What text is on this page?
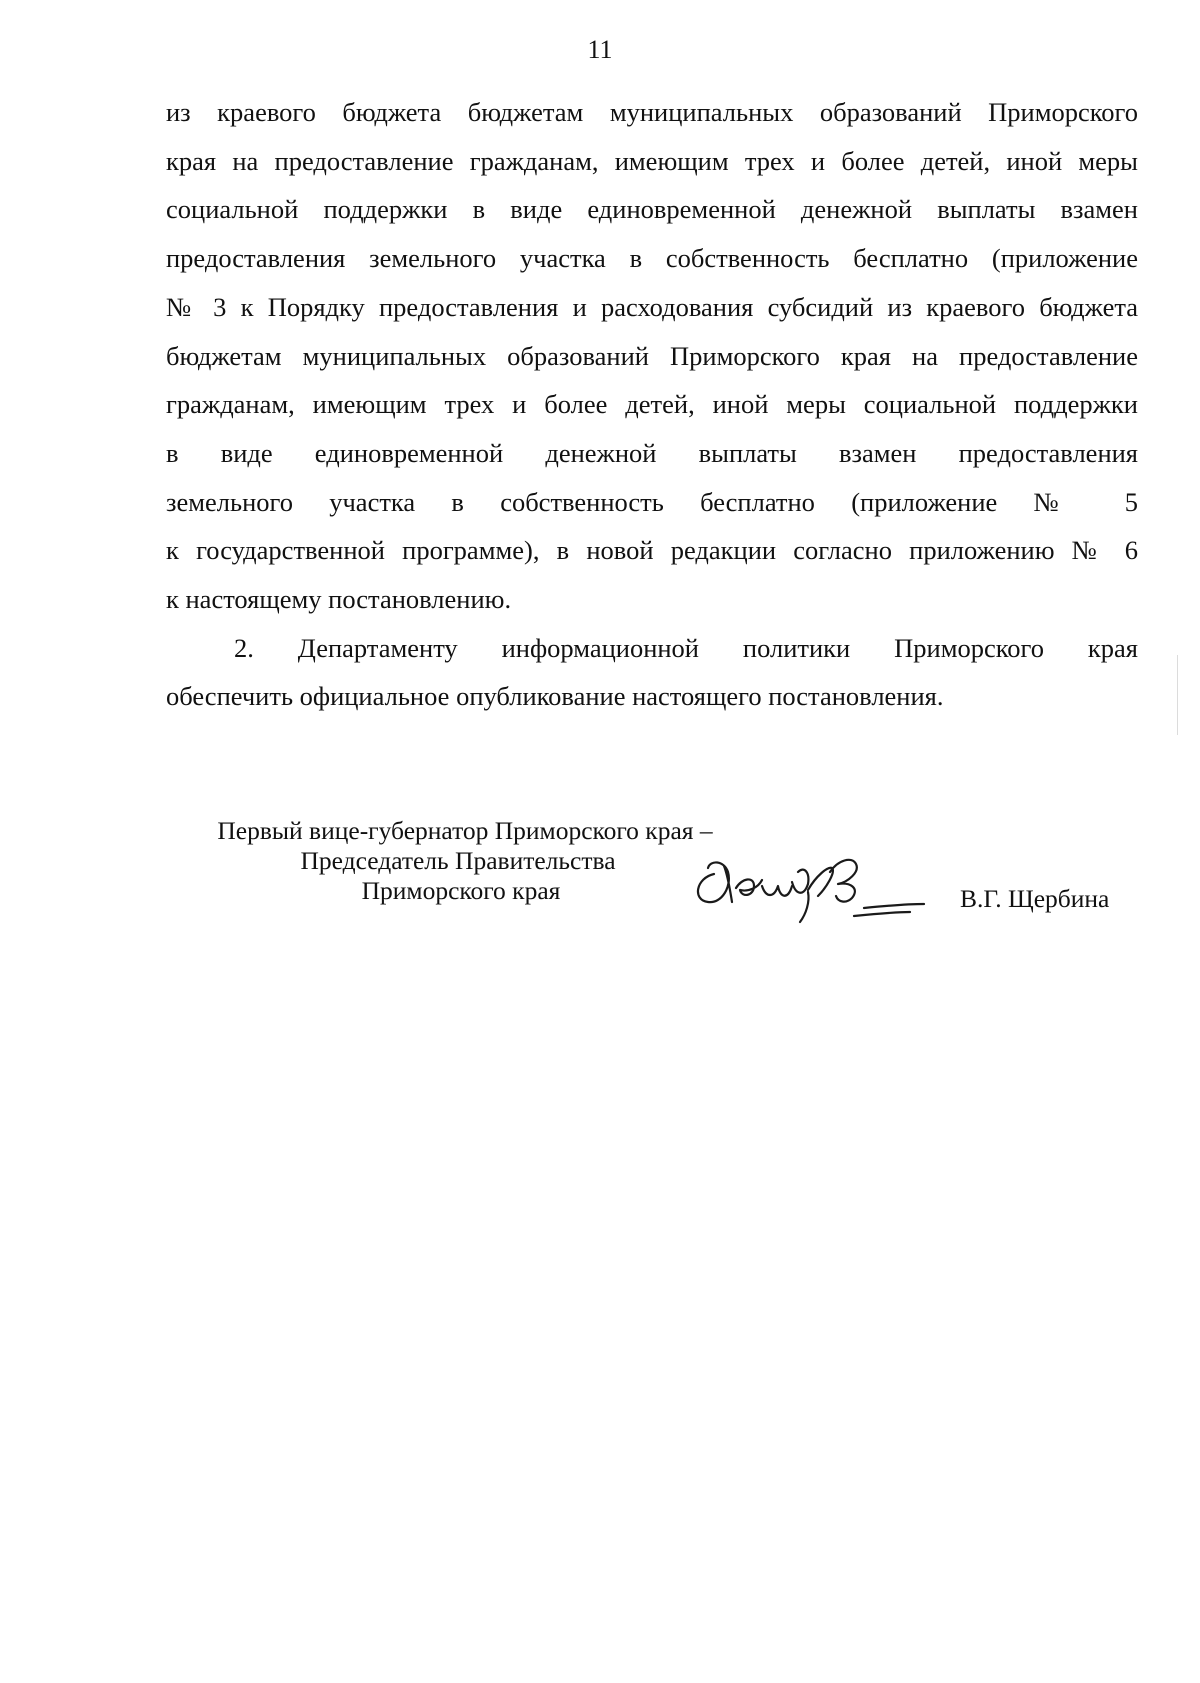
11

из краевого бюджета бюджетам муниципальных образований Приморского
края на предоставление гражданам, имеющим трех и более детей, иной меры
социальной поддержки в виде единовременной денежной выплаты взамен
предоставления земельного участка в собственность бесплатно (приложение
№ 3 к Порядку предоставления и расходования субсидий из краевого бюджета
бюджетам муниципальных образований Приморского края на предоставление
гражданам, имеющим трех и более детей, иной меры социальной поддержки
в виде единовременной денежной выплаты взамен предоставления
земельного участка в собственность бесплатно (приложение № 5
к государственной программе), в новой редакции согласно приложению № 6
к настоящему постановлению.

2. Департаменту информационной политики Приморского края
обеспечить официальное опубликование настоящего постановления.

Первый вице-губернатор Приморского края –
Председатель Правительства
Приморского края	В.Г. Щербина
